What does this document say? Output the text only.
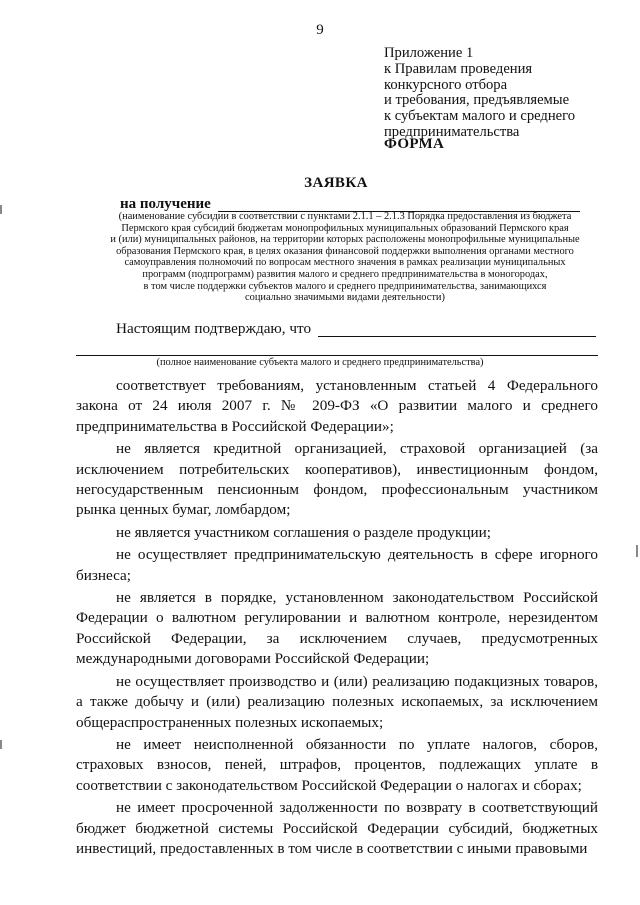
9
Приложение 1
к Правилам проведения
конкурсного отбора
и требования, предъявляемые
к субъектам малого и среднего
предпринимательства
ФОРМА
ЗАЯВКА
на получение
(наименование субсидии в соответствии с пунктами 2.1.1 – 2.1.3 Порядка предоставления из бюджета
Пермского края субсидий бюджетам монопрофильных муниципальных образований Пермского края
и (или) муниципальных районов, на территории которых расположены монопрофильные муниципальные
образования Пермского края, в целях оказания финансовой поддержки выполнения органами местного
самоуправления полномочий по вопросам местного значения в рамках реализации муниципальных
программ (подпрограмм) развития малого и среднего предпринимательства в моногородах,
в том числе поддержки субъектов малого и среднего предпринимательства, занимающихся
социально значимыми видами деятельности)
Настоящим подтверждаю, что
(полное наименование субъекта малого и среднего предпринимательства)

соответствует требованиям, установленным статьей 4 Федерального закона от 24 июля 2007 г. № 209-ФЗ «О развитии малого и среднего предпринимательства в Российской Федерации»;

не является кредитной организацией, страховой организацией (за исключением потребительских кооперативов), инвестиционным фондом, негосударственным пенсионным фондом, профессиональным участником рынка ценных бумаг, ломбардом;

не является участником соглашения о разделе продукции;

не осуществляет предпринимательскую деятельность в сфере игорного бизнеса;

не является в порядке, установленном законодательством Российской Федерации о валютном регулировании и валютном контроле, нерезидентом Российской Федерации, за исключением случаев, предусмотренных международными договорами Российской Федерации;

не осуществляет производство и (или) реализацию подакцизных товаров, а также добычу и (или) реализацию полезных ископаемых, за исключением общераспространенных полезных ископаемых;

не имеет неисполненной обязанности по уплате налогов, сборов, страховых взносов, пеней, штрафов, процентов, подлежащих уплате в соответствии с законодательством Российской Федерации о налогах и сборах;

не имеет просроченной задолженности по возврату в соответствующий бюджет бюджетной системы Российской Федерации субсидий, бюджетных инвестиций, предоставленных в том числе в соответствии с иными правовыми
